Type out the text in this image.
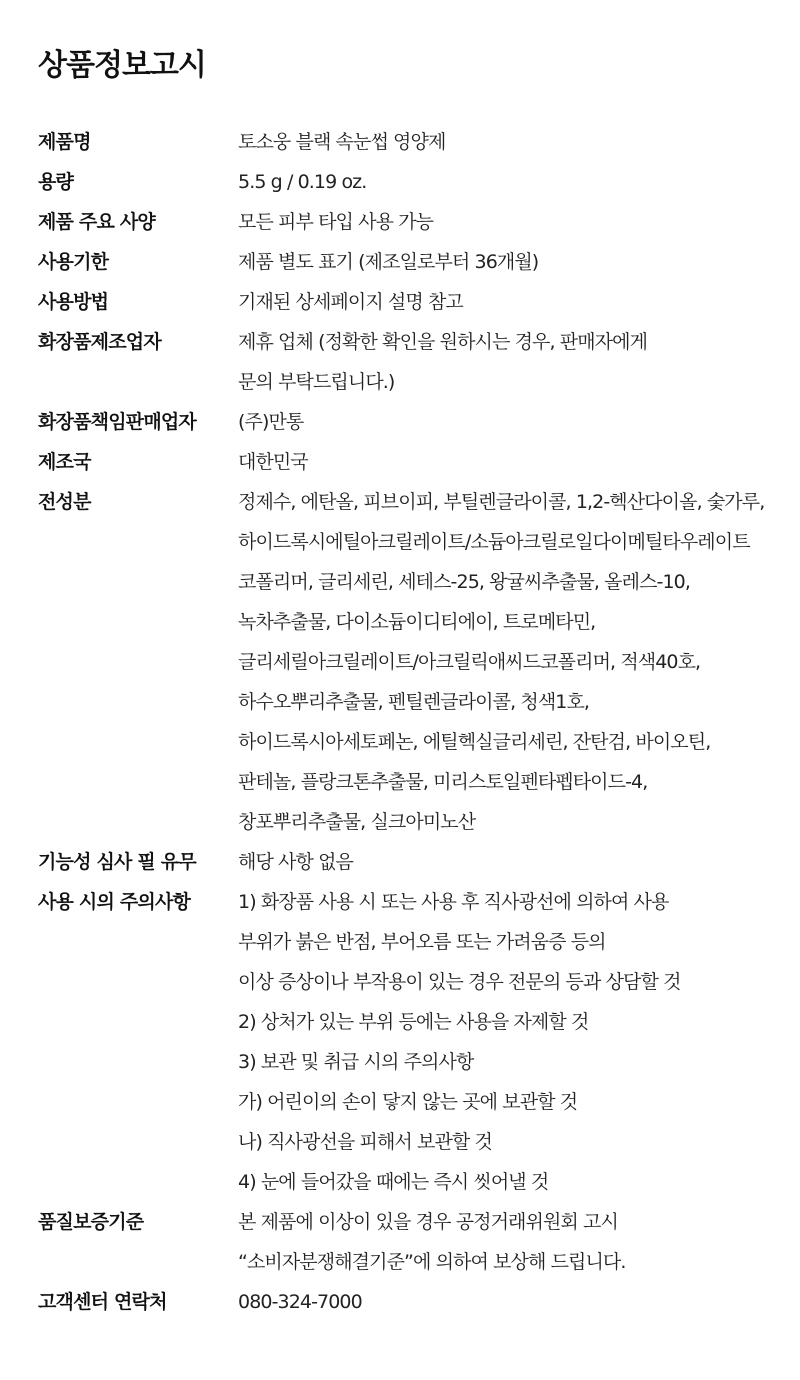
상품정보고시
제품명	토소웅 블랙 속눈썹 영양제
용량	5.5 g / 0.19 oz.
제품 주요 사양	모든 피부 타입 사용 가능
사용기한	제품 별도 표기 (제조일로부터 36개월)
사용방법	기재된 상세페이지 설명 참고
화장품제조업자	제휴 업체 (정확한 확인을 원하시는 경우, 판매자에게
문의 부탁드립니다.)
화장품책임판매업자	(주)만통
제조국	대한민국
전성분	정제수, 에탄올, 피브이피, 부틸렌글라이콜, 1,2-헥산다이올, 숯가루,
하이드록시에틸아크릴레이트/소듐아크릴로일다이메틸타우레이트
코폴리머, 글리세린, 세테스-25, 왕귤씨추출물, 올레스-10,
녹차추출물, 다이소듐이디티에이, 트로메타민,
글리세릴아크릴레이트/아크릴릭애씨드코폴리머, 적색40호,
하수오뿌리추출물, 펜틸렌글라이콜, 청색1호,
하이드록시아세토페논, 에틸헥실글리세린, 잔탄검, 바이오틴,
판테놀, 플랑크톤추출물, 미리스토일펜타펩타이드-4,
창포뿌리추출물, 실크아미노산
기능성 심사 필 유무	해당 사항 없음
사용 시의 주의사항	1) 화장품 사용 시 또는 사용 후 직사광선에 의하여 사용
부위가 붉은 반점, 부어오름 또는 가려움증 등의
이상 증상이나 부작용이 있는 경우 전문의 등과 상담할 것
2) 상처가 있는 부위 등에는 사용을 자제할 것
3) 보관 및 취급 시의 주의사항
가) 어린이의 손이 닿지 않는 곳에 보관할 것
나) 직사광선을 피해서 보관할 것
4) 눈에 들어갔을 때에는 즉시 씻어낼 것
품질보증기준	본 제품에 이상이 있을 경우 공정거래위원회 고시
“소비자분쟁해결기준”에 의하여 보상해 드립니다.
고객센터 연락처	080-324-7000
